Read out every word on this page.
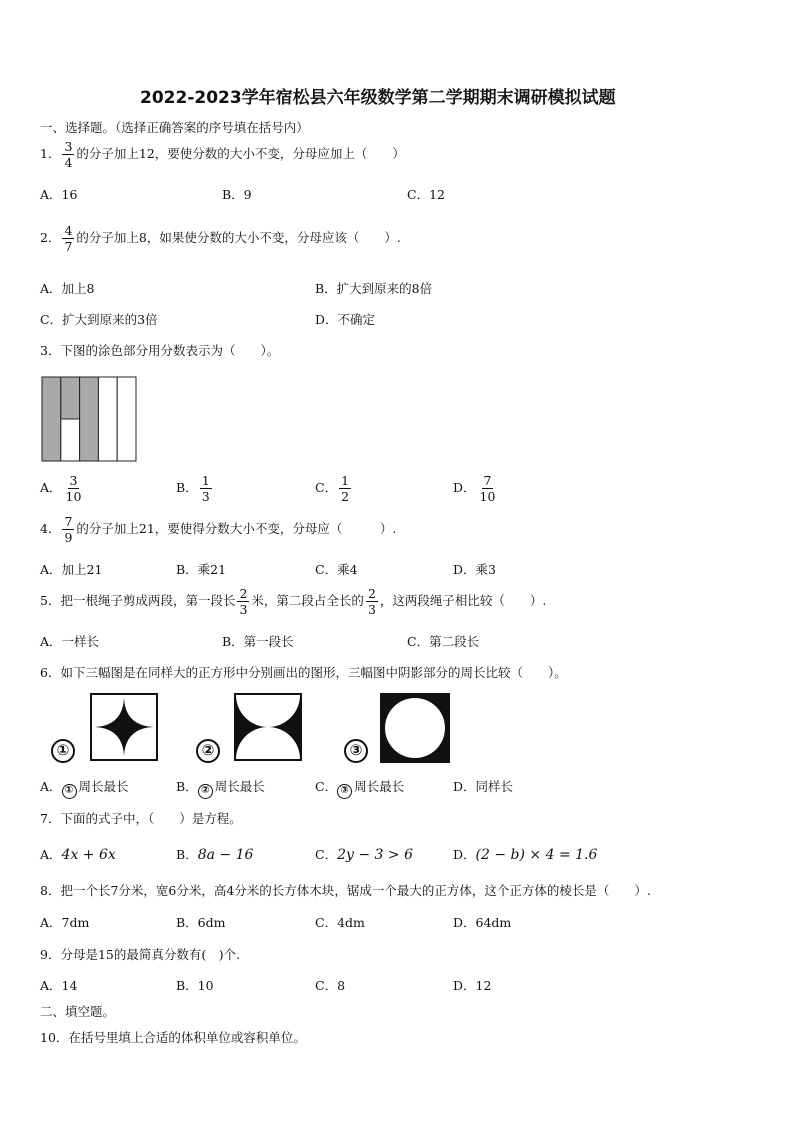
2022-2023学年宿松县六年级数学第二学期期末调研模拟试题
一、选择题。（选择正确答案的序号填在括号内）
1． $\frac{3}{4}$ 的分子加上12，要使分数的大小不变，分母应加上（　　）
A．16	B．9	C．12
2． $\frac{4}{7}$ 的分子加上8，如果使分数的大小不变，分母应该（　　）.
A．加上8	B．扩大到原来的8倍
C．扩大到原来的3倍	D．不确定
3．下图的涂色部分用分数表示为（　　）。
A． $\frac{3}{10}$	B． $\frac{1}{3}$	C． $\frac{1}{2}$	D． $\frac{7}{10}$
4． $\frac{7}{9}$ 的分子加上21，要使得分数大小不变，分母应（　　　）.
A．加上21	B．乘21	C．乘4	D．乘3
5．把一根绳子剪成两段，第一段长 $\frac{2}{3}$ 米，第二段占全长的 $\frac{2}{3}$ ，这两段绳子相比较（　　）.
A．一样长	B．第一段长	C．第二段长
6．如下三幅图是在同样大的正方形中分别画出的图形，三幅图中阴影部分的周长比较（　　）。
①	②	③
A． ① 周长最长	B． ② 周长最长	C． ③ 周长最长	D．同样长
7．下面的式子中，（　　）是方程。
A．4x + 6x	B．8a − 16	C．2y − 3 > 6	D．(2 − b) × 4 = 1.6
8．把一个长7分米，宽6分米，高4分米的长方体木块，锯成一个最大的正方体，这个正方体的棱长是（　　）.
A．7dm	B．6dm	C．4dm	D．64dm
9．分母是15的最简真分数有(　)个.
A．14	B．10	C．8	D．12
二、填空题。
10．在括号里填上合适的体积单位或容积单位。
